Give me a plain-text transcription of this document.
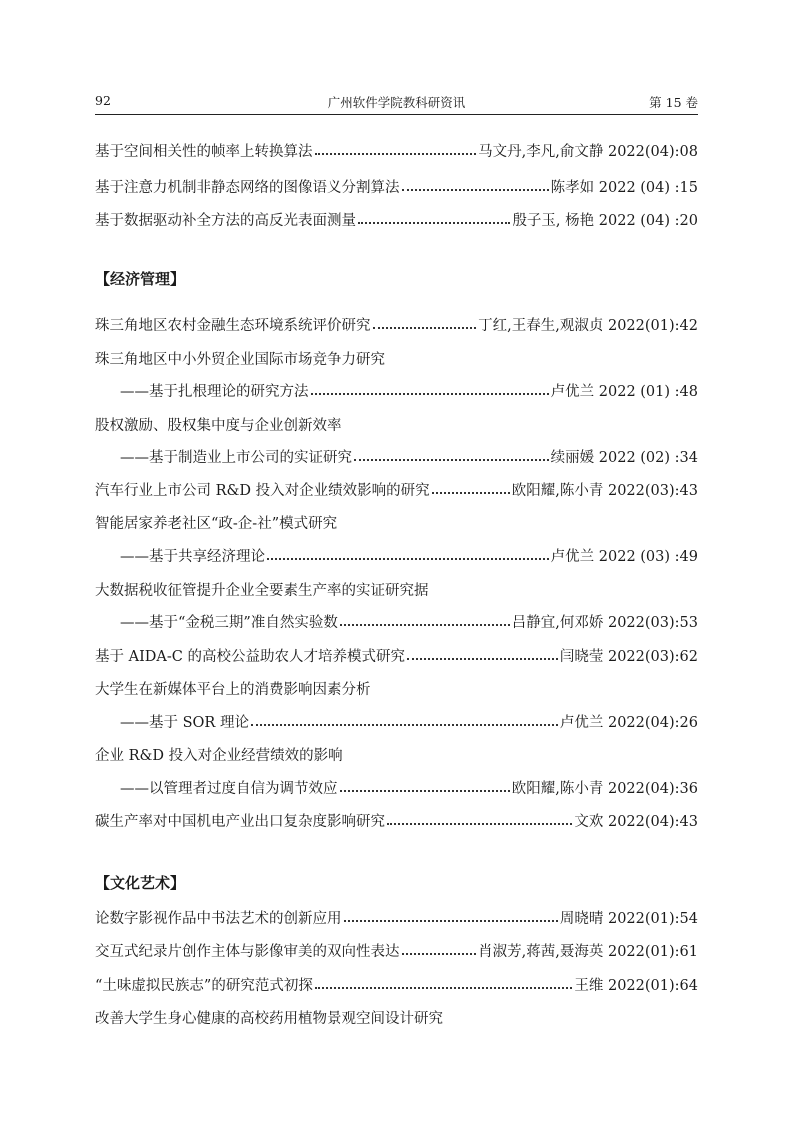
92	广州软件学院教科研资讯	第 15 卷
基于空间相关性的帧率上转换算法	马文丹,李凡,俞文静 2022(04):08
基于注意力机制非静态网络的图像语义分割算法	陈孝如 2022 (04) :15
基于数据驱动补全方法的高反光表面测量	殷子玉, 杨艳 2022 (04) :20
【经济管理】
珠三角地区农村金融生态环境系统评价研究	丁红,王春生,观淑贞 2022(01):42
珠三角地区中小外贸企业国际市场竞争力研究
——基于扎根理论的研究方法	卢优兰 2022 (01) :48
股权激励、股权集中度与企业创新效率
——基于制造业上市公司的实证研究	续丽媛 2022 (02) :34
汽车行业上市公司 R&D 投入对企业绩效影响的研究	欧阳耀,陈小青 2022(03):43
智能居家养老社区“政-企-社”模式研究
——基于共享经济理论	卢优兰 2022 (03) :49
大数据税收征管提升企业全要素生产率的实证研究据
——基于“金税三期”准自然实验数	吕静宜,何邓娇 2022(03):53
基于 AIDA-C 的高校公益助农人才培养模式研究	闫晓莹 2022(03):62
大学生在新媒体平台上的消费影响因素分析
——基于 SOR 理论	卢优兰 2022(04):26
企业 R&D 投入对企业经营绩效的影响
——以管理者过度自信为调节效应	欧阳耀,陈小青 2022(04):36
碳生产率对中国机电产业出口复杂度影响研究	文欢 2022(04):43
【文化艺术】
论数字影视作品中书法艺术的创新应用	周晓晴 2022(01):54
交互式纪录片创作主体与影像审美的双向性表达	肖淑芳,蒋茜,聂海英 2022(01):61
“土味虚拟民族志”的研究范式初探	王维 2022(01):64
改善大学生身心健康的高校药用植物景观空间设计研究
